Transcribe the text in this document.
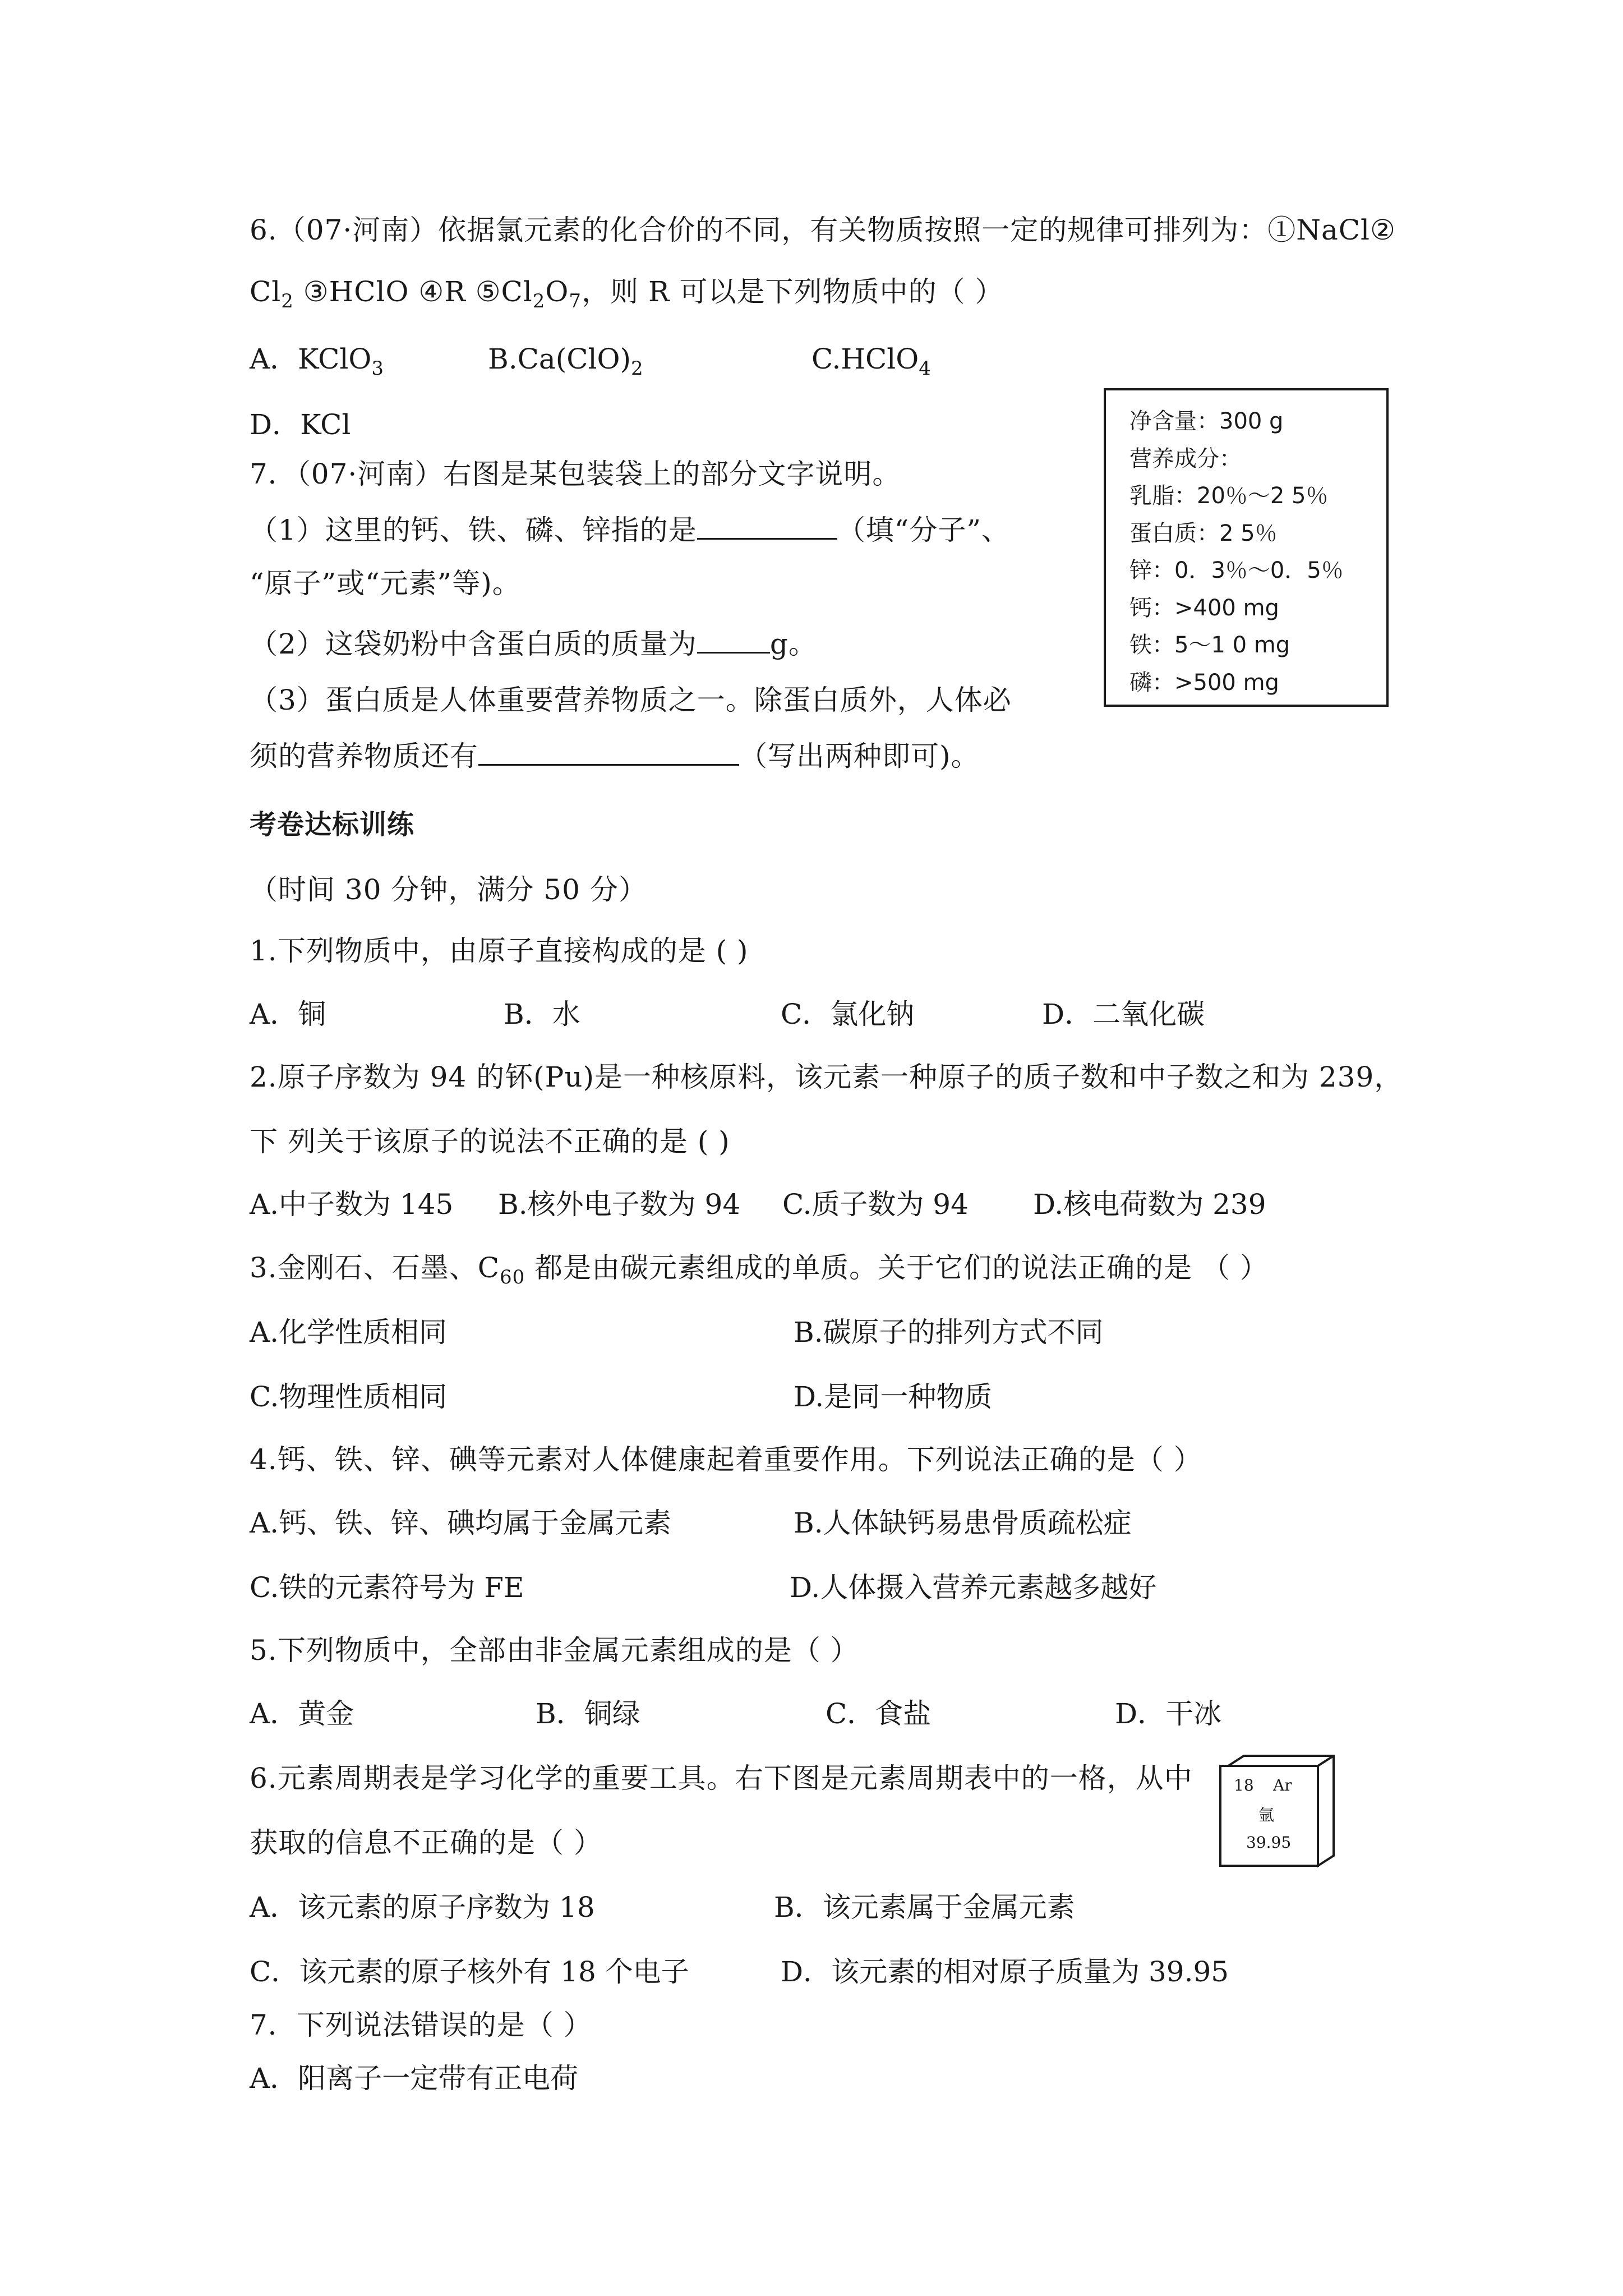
6.（07·河南）依据氯元素的化合价的不同，有关物质按照一定的规律可排列为：①NaCl②
$Cl_2$ ③HClO ④R $⑤Cl_2O_7$，则 R 可以是下列物质中的（ ）
A．KClO$_3$	$B.Ca(ClO)_2$	C.HClO$_4$
D．KCl
7．（07·河南）右图是某包装袋上的部分文字说明。
（1）这里的钙、铁、磷、锌指的是	（填“分子”、
“原子”或“元素”等)。
（2）这袋奶粉中含蛋白质的质量为	g。
（3）蛋白质是人体重要营养物质之一。除蛋白质外，人体必
须的营养物质还有	（写出两种即可)。
净含量：300 g
营养成分：
乳脂：20％～2 5％
蛋白质：2 5％
锌：0．3％～0．5％
钙：>400 mg
铁：5～1 0 mg
磷：>500 mg
考卷达标训练
（时间 30 分钟，满分 50 分）
1.下列物质中，由原子直接构成的是 ( )
A．铜	B．水	C．氯化钠	D．二氧化碳
2.原子序数为 94 的钚(Pu)是一种核原料，该元素一种原子的质子数和中子数之和为 239，
下 列关于该原子的说法不正确的是 ( )
A.中子数为 145 B.核外电子数为 94 C.质子数为 94 D.核电荷数为 239
3.金刚石、石墨、$C_{60}$ 都是由碳元素组成的单质。关于它们的说法正确的是 （ ）
A.化学性质相同	B.碳原子的排列方式不同
C.物理性质相同	D.是同一种物质
4.钙、铁、锌、碘等元素对人体健康起着重要作用。下列说法正确的是（ ）
A.钙、铁、锌、碘均属于金属元素	B.人体缺钙易患骨质疏松症
C.铁的元素符号为 FE	D.人体摄入营养元素越多越好
5.下列物质中，全部由非金属元素组成的是（ ）
A．黄金	B．铜绿	C．食盐	D．干冰
6.元素周期表是学习化学的重要工具。右下图是元素周期表中的一格，从中
获取的信息不正确的是（ ）
A．该元素的原子序数为 18	B．该元素属于金属元素
C．该元素的原子核外有 18 个电子	D．该元素的相对原子质量为 39.95
18 Ar
氩
39.95
7．下列说法错误的是（ ）
A．阳离子一定带有正电荷
